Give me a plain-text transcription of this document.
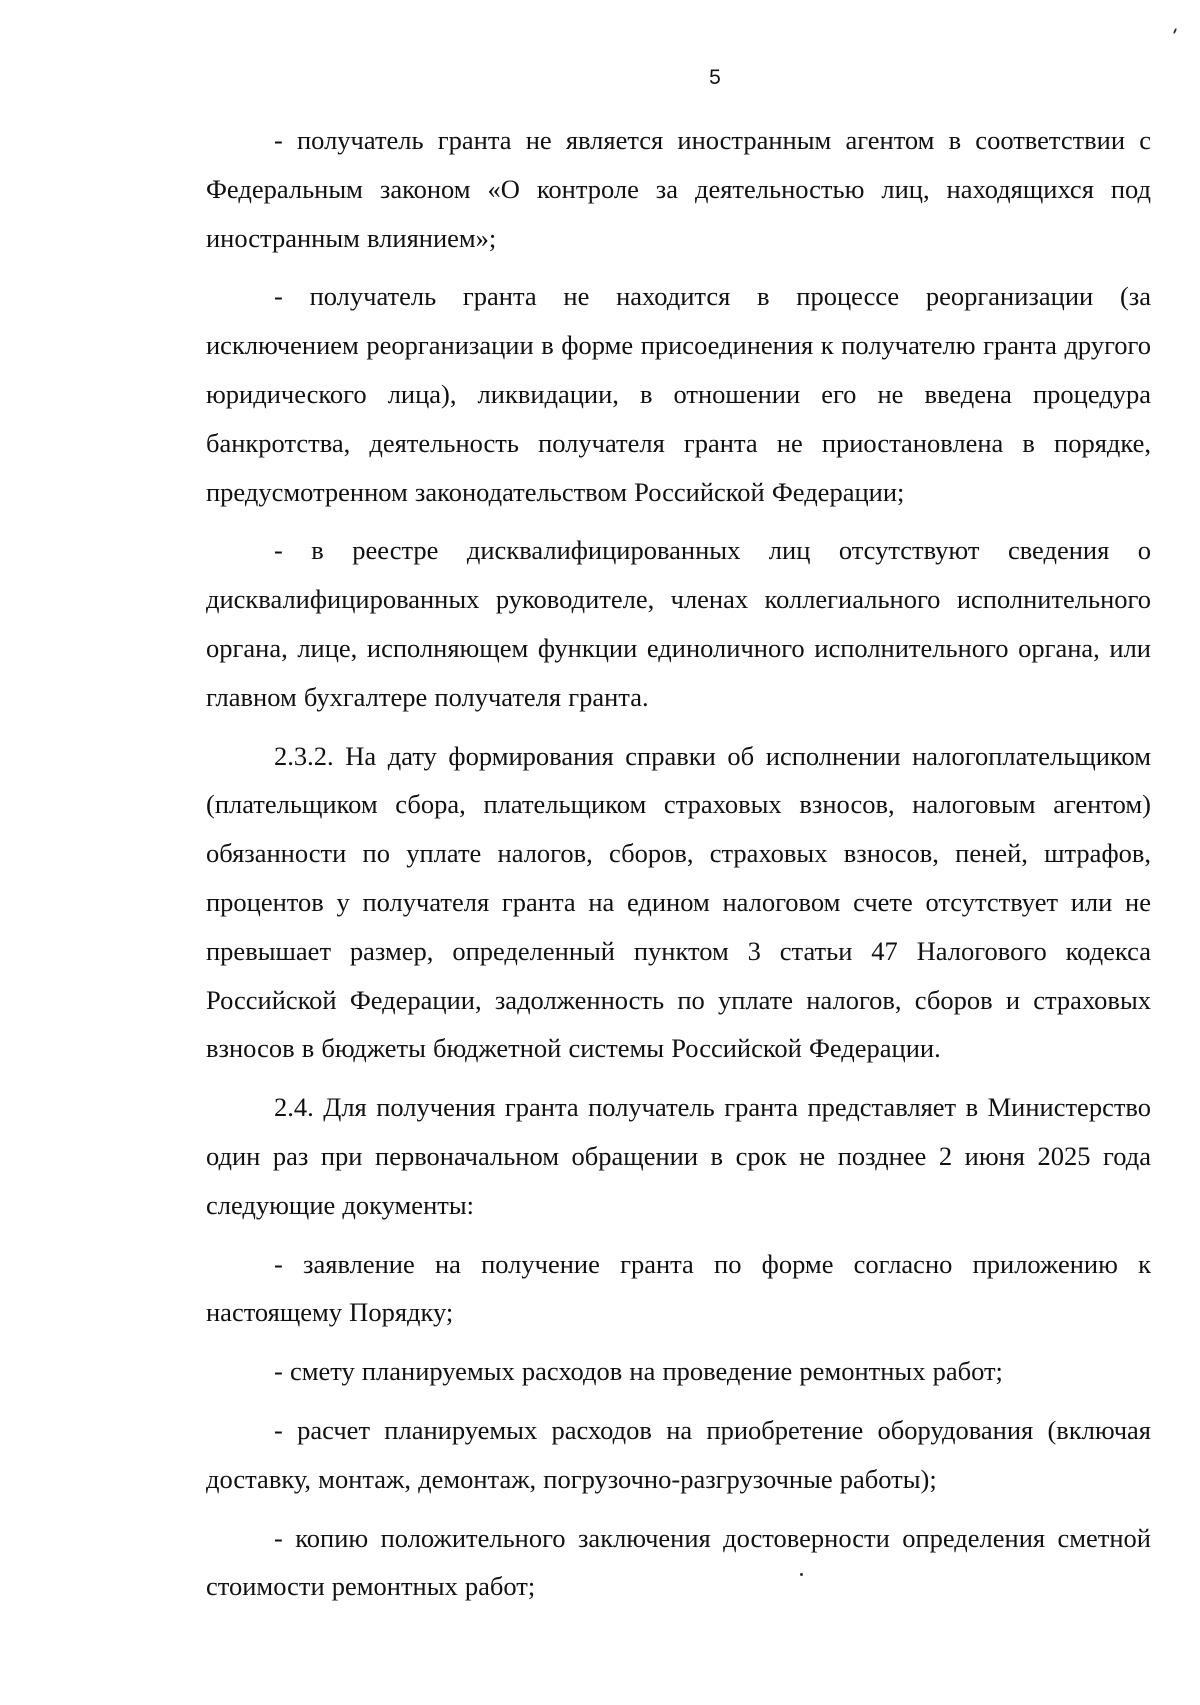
5

- получатель гранта не является иностранным агентом в соответствии с Федеральным законом «О контроле за деятельностью лиц, находящихся под иностранным влиянием»;

- получатель гранта не находится в процессе реорганизации (за исключением реорганизации в форме присоединения к получателю гранта другого юридического лица), ликвидации, в отношении его не введена процедура банкротства, деятельность получателя гранта не приостановлена в порядке, предусмотренном законодательством Российской Федерации;

- в реестре дисквалифицированных лиц отсутствуют сведения о дисквалифицированных руководителе, членах коллегиального исполнительного органа, лице, исполняющем функции единоличного исполнительного органа, или главном бухгалтере получателя гранта.

2.3.2. На дату формирования справки об исполнении налогоплательщиком (плательщиком сбора, плательщиком страховых взносов, налоговым агентом) обязанности по уплате налогов, сборов, страховых взносов, пеней, штрафов, процентов у получателя гранта на едином налоговом счете отсутствует или не превышает размер, определенный пунктом 3 статьи 47 Налогового кодекса Российской Федерации, задолженность по уплате налогов, сборов и страховых взносов в бюджеты бюджетной системы Российской Федерации.

2.4. Для получения гранта получатель гранта представляет в Министерство один раз при первоначальном обращении в срок не позднее 2 июня 2025 года следующие документы:

- заявление на получение гранта по форме согласно приложению к настоящему Порядку;

- смету планируемых расходов на проведение ремонтных работ;

- расчет планируемых расходов на приобретение оборудования (включая доставку, монтаж, демонтаж, погрузочно-разгрузочные работы);

- копию положительного заключения достоверности определения сметной стоимости ремонтных работ;
